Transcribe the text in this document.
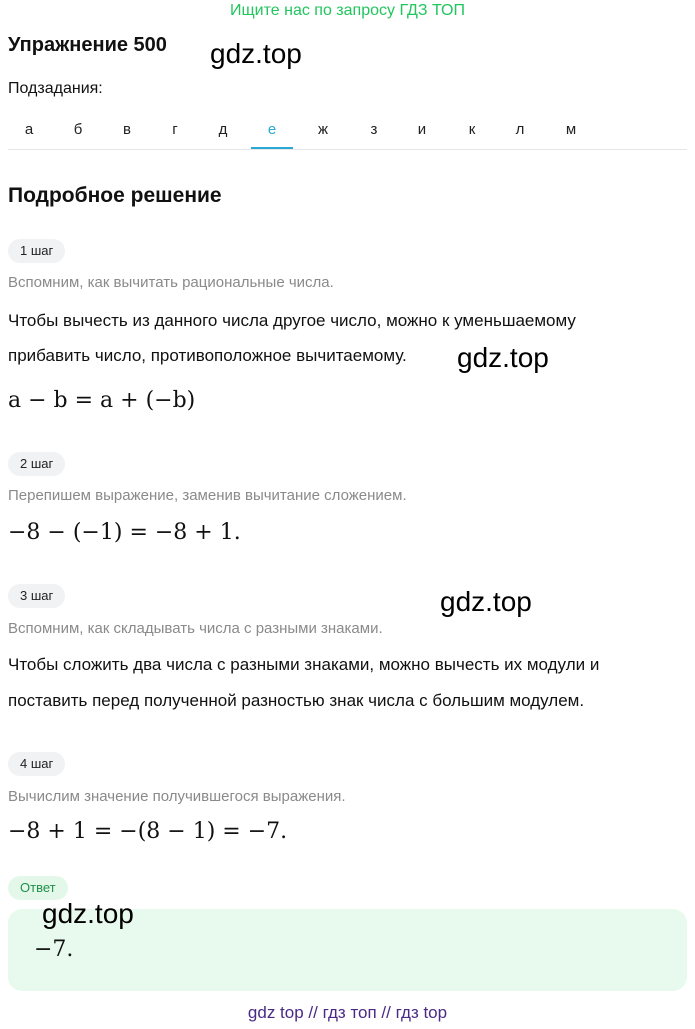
Ищите нас по запросу ГДЗ ТОП
Упражнение 500 gdz.top
Подзадания:
а	б	в	г	д	е	ж	з	и	к	л	м
Подробное решение
1 шаг
Вспомним, как вычитать рациональные числа.
Чтобы вычесть из данного числа другое число, можно к уменьшаемому
прибавить число, противоположное вычитаемому. gdz.top
a − b = a + (−b)
2 шаг
Перепишем выражение, заменив вычитание сложением.
−8 − (−1) = −8 + 1.
3 шаг	gdz.top
Вспомним, как складывать числа с разными знаками.
Чтобы сложить два числа с разными знаками, можно вычесть их модули и
поставить перед полученной разностью знак числа с большим модулем.
4 шаг
Вычислим значение получившегося выражения.
−8 + 1 = −(8 − 1) = −7.
Ответ
−7.
gdz.top
gdz top // гдз топ // гдз top
